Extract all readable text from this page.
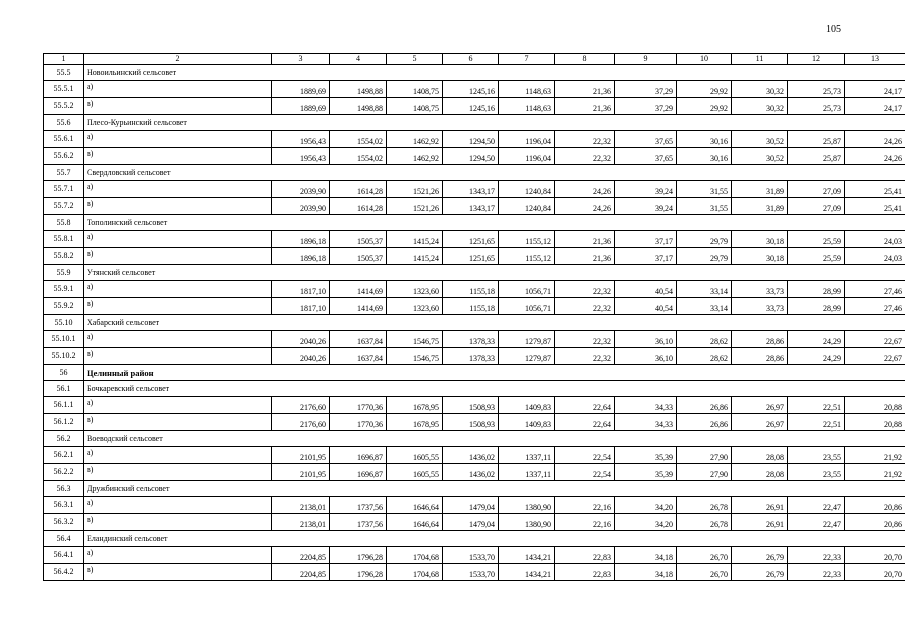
105
1	2	3	4	5	6	7	8	9	10	11	12	13
55.5	Новоильинский сельсовет											
55.5.1	а)	1889,69	1498,88	1408,75	1245,16	1148,63	21,36	37,29	29,92	30,32	25,73	24,17
55.5.2	в)	1889,69	1498,88	1408,75	1245,16	1148,63	21,36	37,29	29,92	30,32	25,73	24,17
55.6	Плесо-Курьинский сельсовет											
55.6.1	а)	1956,43	1554,02	1462,92	1294,50	1196,04	22,32	37,65	30,16	30,52	25,87	24,26
55.6.2	в)	1956,43	1554,02	1462,92	1294,50	1196,04	22,32	37,65	30,16	30,52	25,87	24,26
55.7	Свердловский сельсовет											
55.7.1	а)	2039,90	1614,28	1521,26	1343,17	1240,84	24,26	39,24	31,55	31,89	27,09	25,41
55.7.2	в)	2039,90	1614,28	1521,26	1343,17	1240,84	24,26	39,24	31,55	31,89	27,09	25,41
55.8	Тополинский сельсовет											
55.8.1	а)	1896,18	1505,37	1415,24	1251,65	1155,12	21,36	37,17	29,79	30,18	25,59	24,03
55.8.2	в)	1896,18	1505,37	1415,24	1251,65	1155,12	21,36	37,17	29,79	30,18	25,59	24,03
55.9	Утянский сельсовет											
55.9.1	а)	1817,10	1414,69	1323,60	1155,18	1056,71	22,32	40,54	33,14	33,73	28,99	27,46
55.9.2	в)	1817,10	1414,69	1323,60	1155,18	1056,71	22,32	40,54	33,14	33,73	28,99	27,46
55.10	Хабарский сельсовет											
55.10.1	а)	2040,26	1637,84	1546,75	1378,33	1279,87	22,32	36,10	28,62	28,86	24,29	22,67
55.10.2	в)	2040,26	1637,84	1546,75	1378,33	1279,87	22,32	36,10	28,62	28,86	24,29	22,67
56	Целинный район											
56.1	Бочкаревский сельсовет											
56.1.1	а)	2176,60	1770,36	1678,95	1508,93	1409,83	22,64	34,33	26,86	26,97	22,51	20,88
56.1.2	в)	2176,60	1770,36	1678,95	1508,93	1409,83	22,64	34,33	26,86	26,97	22,51	20,88
56.2	Воеводский сельсовет											
56.2.1	а)	2101,95	1696,87	1605,55	1436,02	1337,11	22,54	35,39	27,90	28,08	23,55	21,92
56.2.2	в)	2101,95	1696,87	1605,55	1436,02	1337,11	22,54	35,39	27,90	28,08	23,55	21,92
56.3	Дружбинский сельсовет											
56.3.1	а)	2138,01	1737,56	1646,64	1479,04	1380,90	22,16	34,20	26,78	26,91	22,47	20,86
56.3.2	в)	2138,01	1737,56	1646,64	1479,04	1380,90	22,16	34,20	26,78	26,91	22,47	20,86
56.4	Еландинский сельсовет											
56.4.1	а)	2204,85	1796,28	1704,68	1533,70	1434,21	22,83	34,18	26,70	26,79	22,33	20,70
56.4.2	в)	2204,85	1796,28	1704,68	1533,70	1434,21	22,83	34,18	26,70	26,79	22,33	20,70
